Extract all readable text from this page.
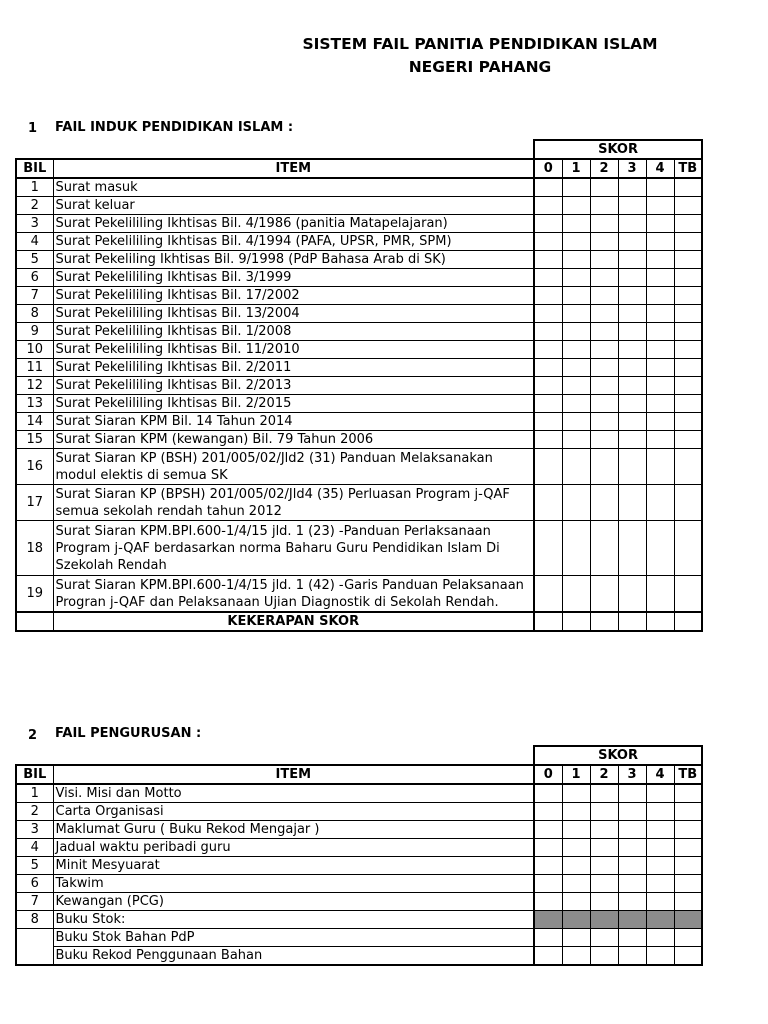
SISTEM FAIL PANITIA PENDIDIKAN ISLAM
NEGERI PAHANG
1 FAIL INDUK PENDIDIKAN ISLAM :
		SKOR					
BIL	ITEM	0	1	2	3	4	TB
1	Surat masuk						
2	Surat keluar						
3	Surat Pekelililing Ikhtisas Bil. 4/1986 (panitia Matapelajaran)						
4	Surat Pekelililing Ikhtisas Bil. 4/1994 (PAFA, UPSR, PMR, SPM)						
5	Surat Pekeliling Ikhtisas Bil. 9/1998 (PdP Bahasa Arab di SK)						
6	Surat Pekelililing Ikhtisas Bil. 3/1999						
7	Surat Pekelililing Ikhtisas Bil. 17/2002						
8	Surat Pekelililing Ikhtisas Bil. 13/2004						
9	Surat Pekelililing Ikhtisas Bil. 1/2008						
10	Surat Pekelililing Ikhtisas Bil. 11/2010						
11	Surat Pekelililing Ikhtisas Bil. 2/2011						
12	Surat Pekelililing Ikhtisas Bil. 2/2013						
13	Surat Pekelililing Ikhtisas Bil. 2/2015						
14	Surat Siaran KPM Bil. 14 Tahun 2014						
15	Surat Siaran KPM (kewangan) Bil. 79 Tahun 2006						
16	Surat Siaran KP (BSH) 201/005/02/Jld2 (31) Panduan Melaksanakan modul elektis di semua SK						
17	Surat Siaran KP (BPSH) 201/005/02/Jld4 (35) Perluasan Program j-QAF semua sekolah rendah tahun 2012						
18	Surat Siaran KPM.BPI.600-1/4/15 jld. 1 (23) -Panduan Perlaksanaan Program j-QAF berdasarkan norma Baharu Guru Pendidikan Islam Di Szekolah Rendah						
19	Surat Siaran KPM.BPI.600-1/4/15 jld. 1 (42) -Garis Panduan Pelaksanaan Progran j-QAF dan Pelaksanaan Ujian Diagnostik di Sekolah Rendah.						
	KEKERAPAN SKOR						
2 FAIL PENGURUSAN :
		SKOR					
BIL	ITEM	0	1	2	3	4	TB
1	Visi. Misi dan Motto						
2	Carta Organisasi						
3	Maklumat Guru ( Buku Rekod Mengajar )						
4	Jadual waktu peribadi guru						
5	Minit Mesyuarat						
6	Takwim						
7	Kewangan (PCG)						
8	Buku Stok:						
	Buku Stok Bahan PdP						
	Buku Rekod Penggunaan Bahan						
